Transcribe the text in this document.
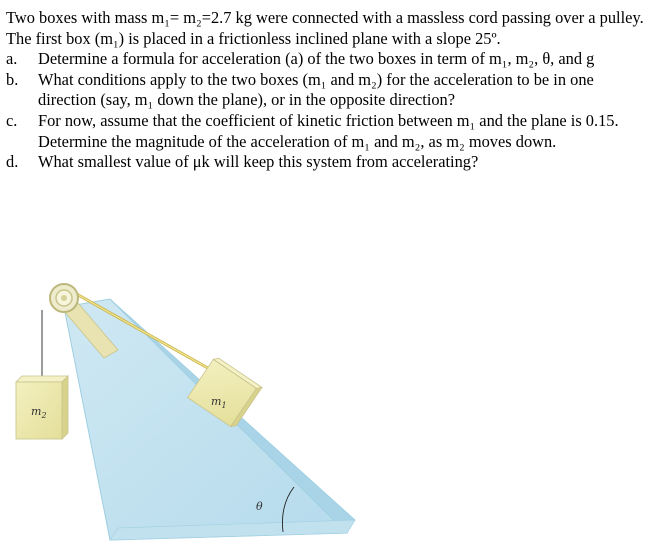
Two boxes with mass m₁= m₂=2.7 kg were connected with a massless cord passing over a pulley. The first box (m₁) is placed in a frictionless inclined plane with a slope 25º.

a.	Determine a formula for acceleration (a) of the two boxes in term of m₁, m₂, θ, and g
b.	What conditions apply to the two boxes (m₁ and m₂) for the acceleration to be in one direction (say, m₁ down the plane), or in the opposite direction?
c.	For now, assume that the coefficient of kinetic friction between m₁ and the plane is 0.15. Determine the magnitude of the acceleration of m₁ and m₂, as m₂ moves down.
d.	What smallest value of μk will keep this system from accelerating?
$m_2$
$m_1$
θ
